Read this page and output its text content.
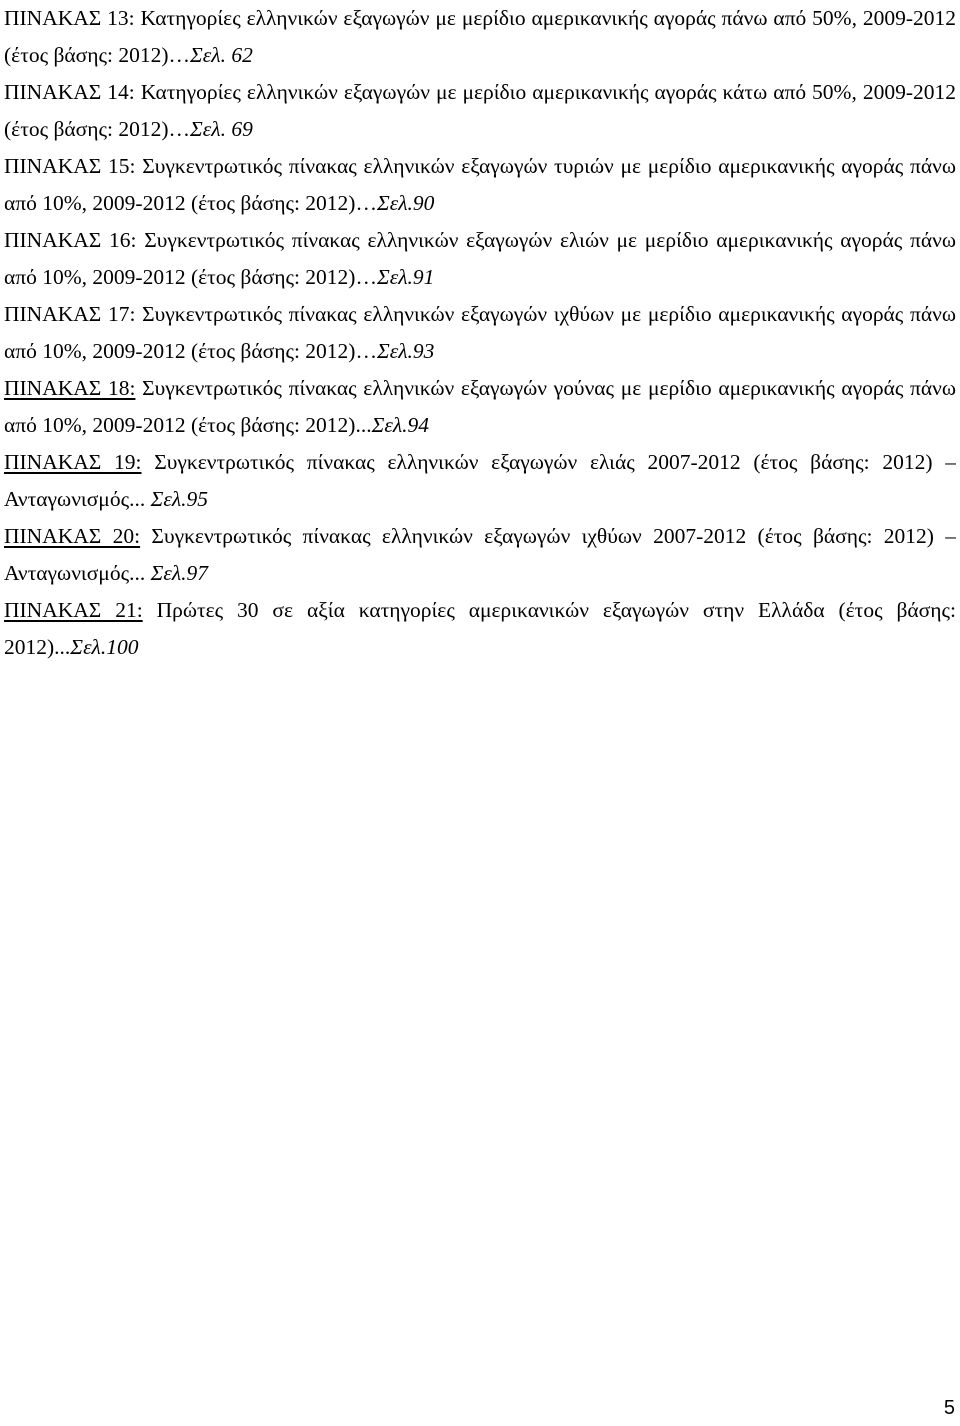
ΠΙΝΑΚΑΣ 13: Κατηγορίες ελληνικών εξαγωγών με μερίδιο αμερικανικής αγοράς πάνω από 50%, 2009-2012 (έτος βάσης: 2012)…Σελ. 62
ΠΙΝΑΚΑΣ 14: Κατηγορίες ελληνικών εξαγωγών με μερίδιο αμερικανικής αγοράς κάτω από 50%, 2009-2012 (έτος βάσης: 2012)…Σελ. 69
ΠΙΝΑΚΑΣ 15: Συγκεντρωτικός πίνακας ελληνικών εξαγωγών τυριών με μερίδιο αμερικανικής αγοράς πάνω από 10%, 2009-2012 (έτος βάσης: 2012)…Σελ.90
ΠΙΝΑΚΑΣ 16: Συγκεντρωτικός πίνακας ελληνικών εξαγωγών ελιών με μερίδιο αμερικανικής αγοράς πάνω από 10%, 2009-2012 (έτος βάσης: 2012)…Σελ.91
ΠΙΝΑΚΑΣ 17: Συγκεντρωτικός πίνακας ελληνικών εξαγωγών ιχθύων με μερίδιο αμερικανικής αγοράς πάνω από 10%, 2009-2012 (έτος βάσης: 2012)…Σελ.93
ΠΙΝΑΚΑΣ 18: Συγκεντρωτικός πίνακας ελληνικών εξαγωγών γούνας με μερίδιο αμερικανικής αγοράς πάνω από 10%, 2009-2012 (έτος βάσης: 2012)...Σελ.94
ΠΙΝΑΚΑΣ 19: Συγκεντρωτικός πίνακας ελληνικών εξαγωγών ελιάς 2007-2012 (έτος βάσης: 2012) – Ανταγωνισμός... Σελ.95
ΠΙΝΑΚΑΣ 20: Συγκεντρωτικός πίνακας ελληνικών εξαγωγών ιχθύων 2007-2012 (έτος βάσης: 2012) – Ανταγωνισμός... Σελ.97
ΠΙΝΑΚΑΣ 21: Πρώτες 30 σε αξία κατηγορίες αμερικανικών εξαγωγών στην Ελλάδα (έτος βάσης: 2012)...Σελ.100
5
